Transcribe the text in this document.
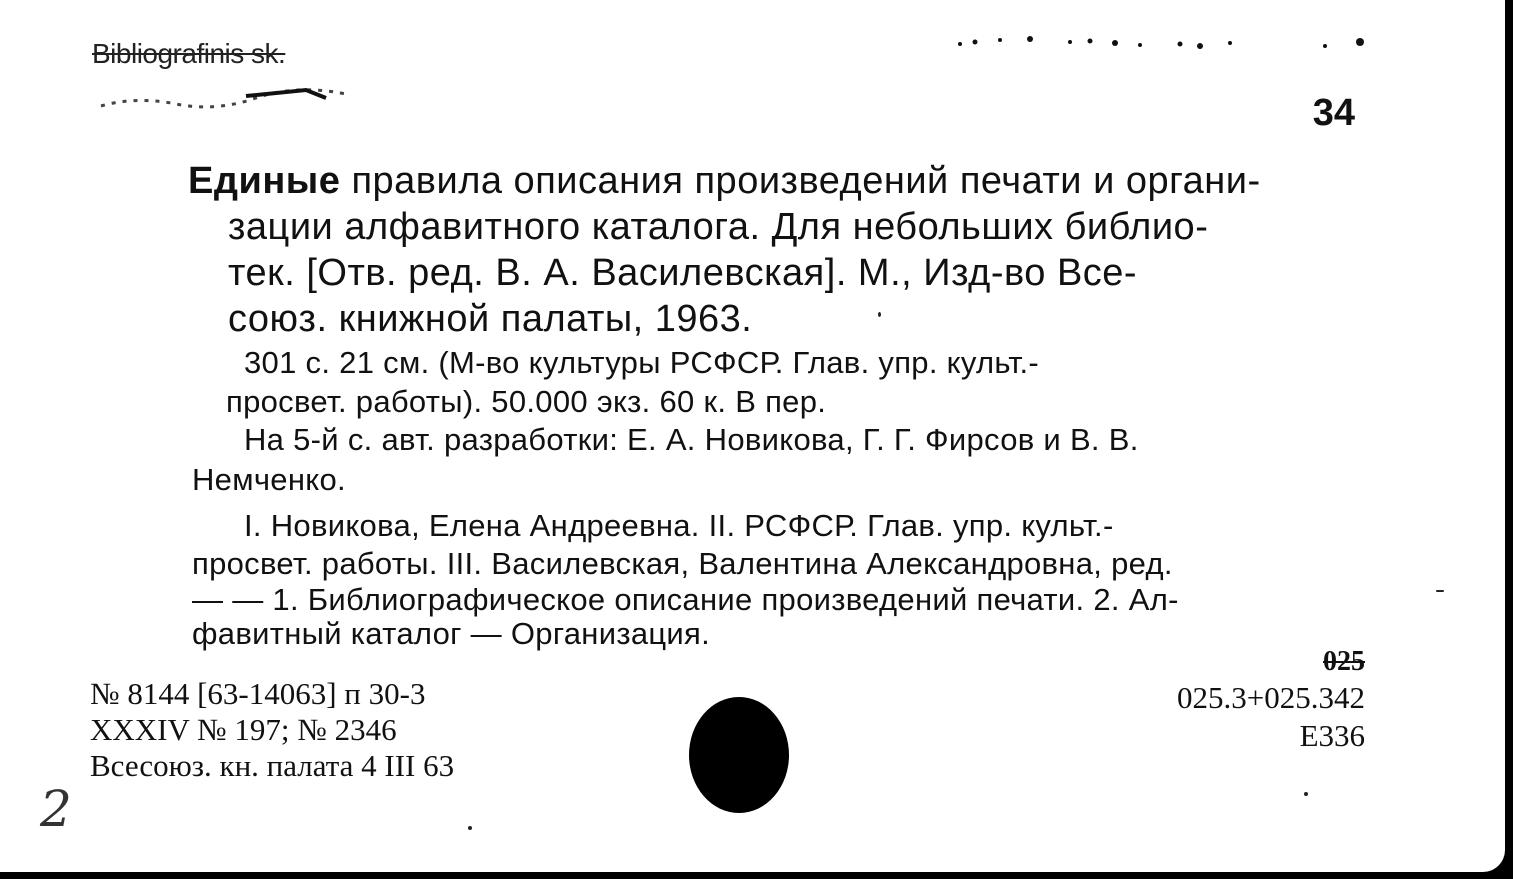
Bibliografinis sk.
34
Единые правила описания произведений печати и органи-
зации алфавитного каталога. Для небольших библио-
тек. [Отв. ред. В. А. Василевская]. М., Изд-во Все-
союз. книжной палаты, 1963.
301 с. 21 см. (М-во культуры РСФСР. Глав. упр. культ.-
просвет. работы). 50.000 экз. 60 к. В пер.
На 5-й с. авт. разработки: Е. А. Новикова, Г. Г. Фирсов и В. В.
Немченко.
I. Новикова, Елена Андреевна. II. РСФСР. Глав. упр. культ.-
просвет. работы. III. Василевская, Валентина Александровна, ред.
— — 1. Библиографическое описание произведений печати. 2. Ал-
фавитный каталог — Организация.
№ 8144 [63-14063] п 30-3
XXXIV № 197; № 2346
Всесоюз. кн. палата 4 III 63
025
025.3+025.342
Е336
2
